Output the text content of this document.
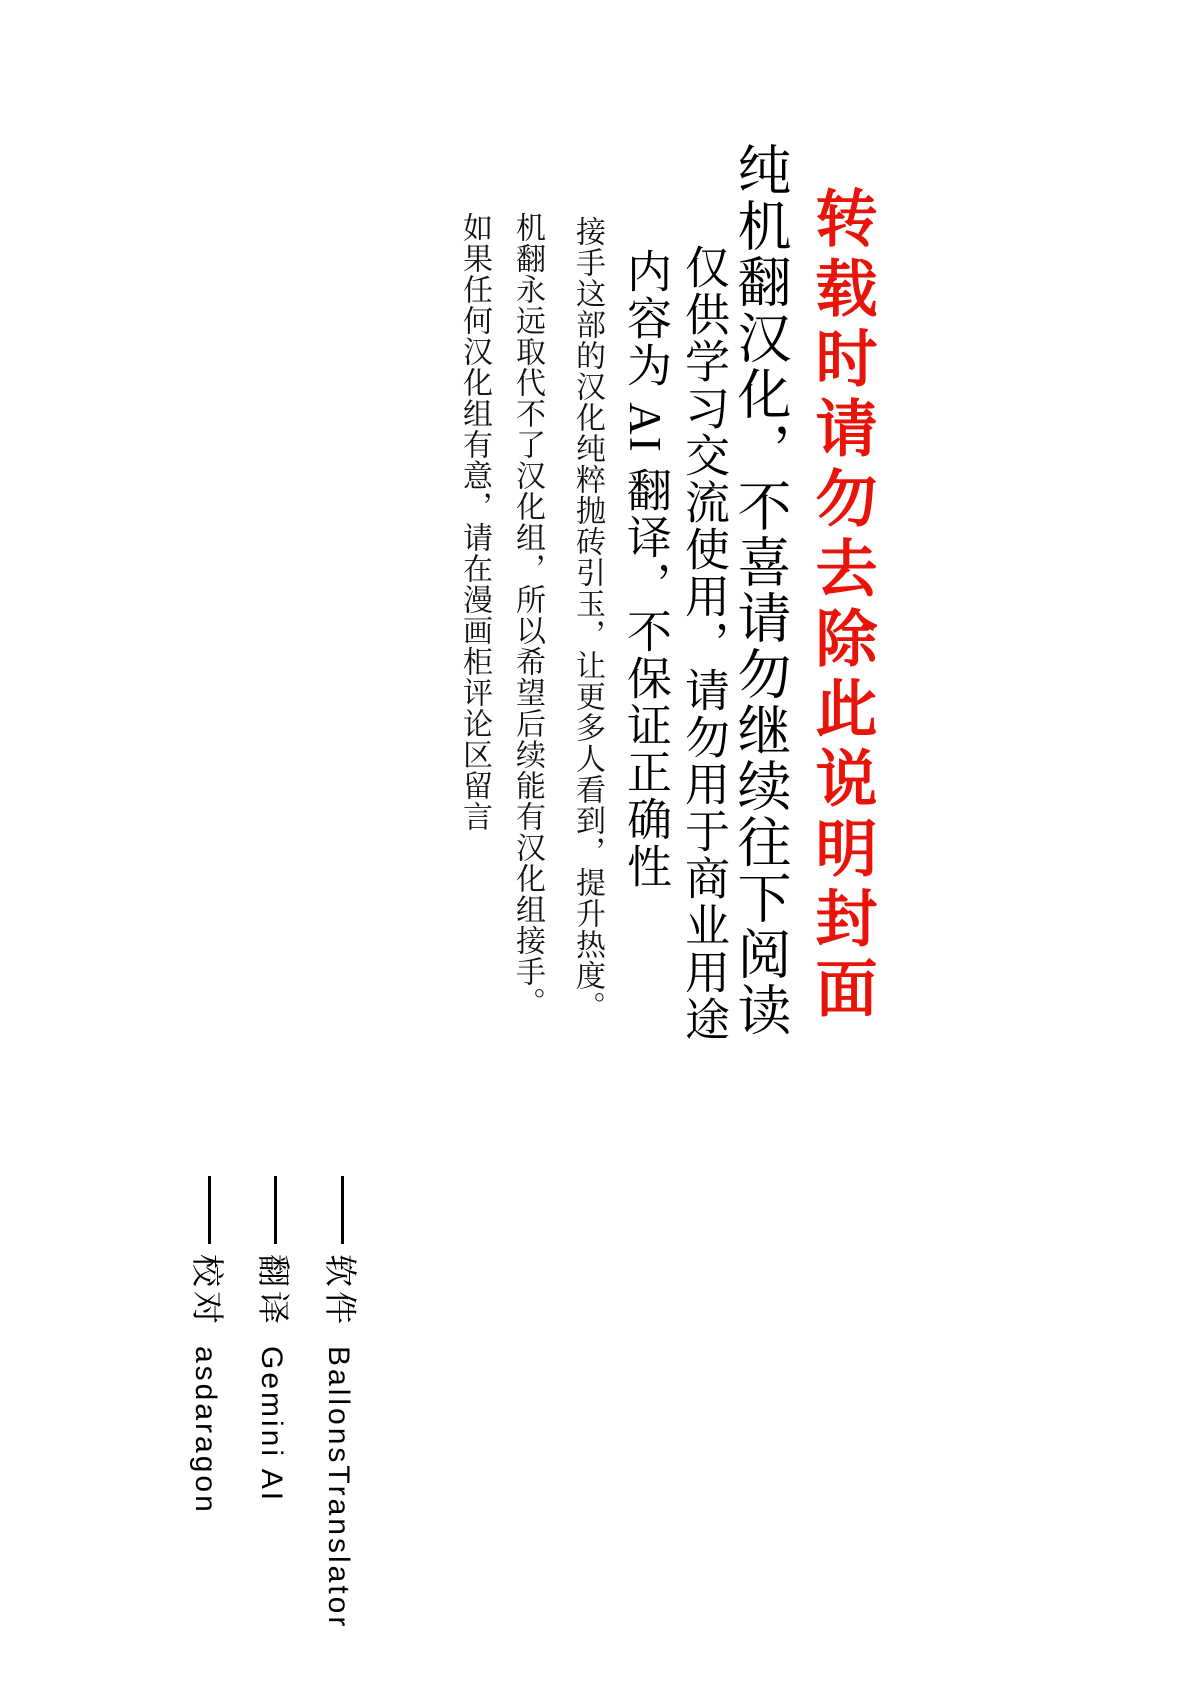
转载时请勿去除此说明封面
纯机翻汉化，不喜请勿继续往下阅读
仅供学习交流使用，请勿用于商业用途
内容为 AI 翻译，不保证正确性
接手这部的汉化纯粹抛砖引玉，让更多人看到，提升热度。
机翻永远取代不了汉化组，所以希望后续能有汉化组接手。
如果任何汉化组有意，请在漫画柜评论区留言
软件BallonsTranslator
翻译Gemini AI
校对asdaragon
